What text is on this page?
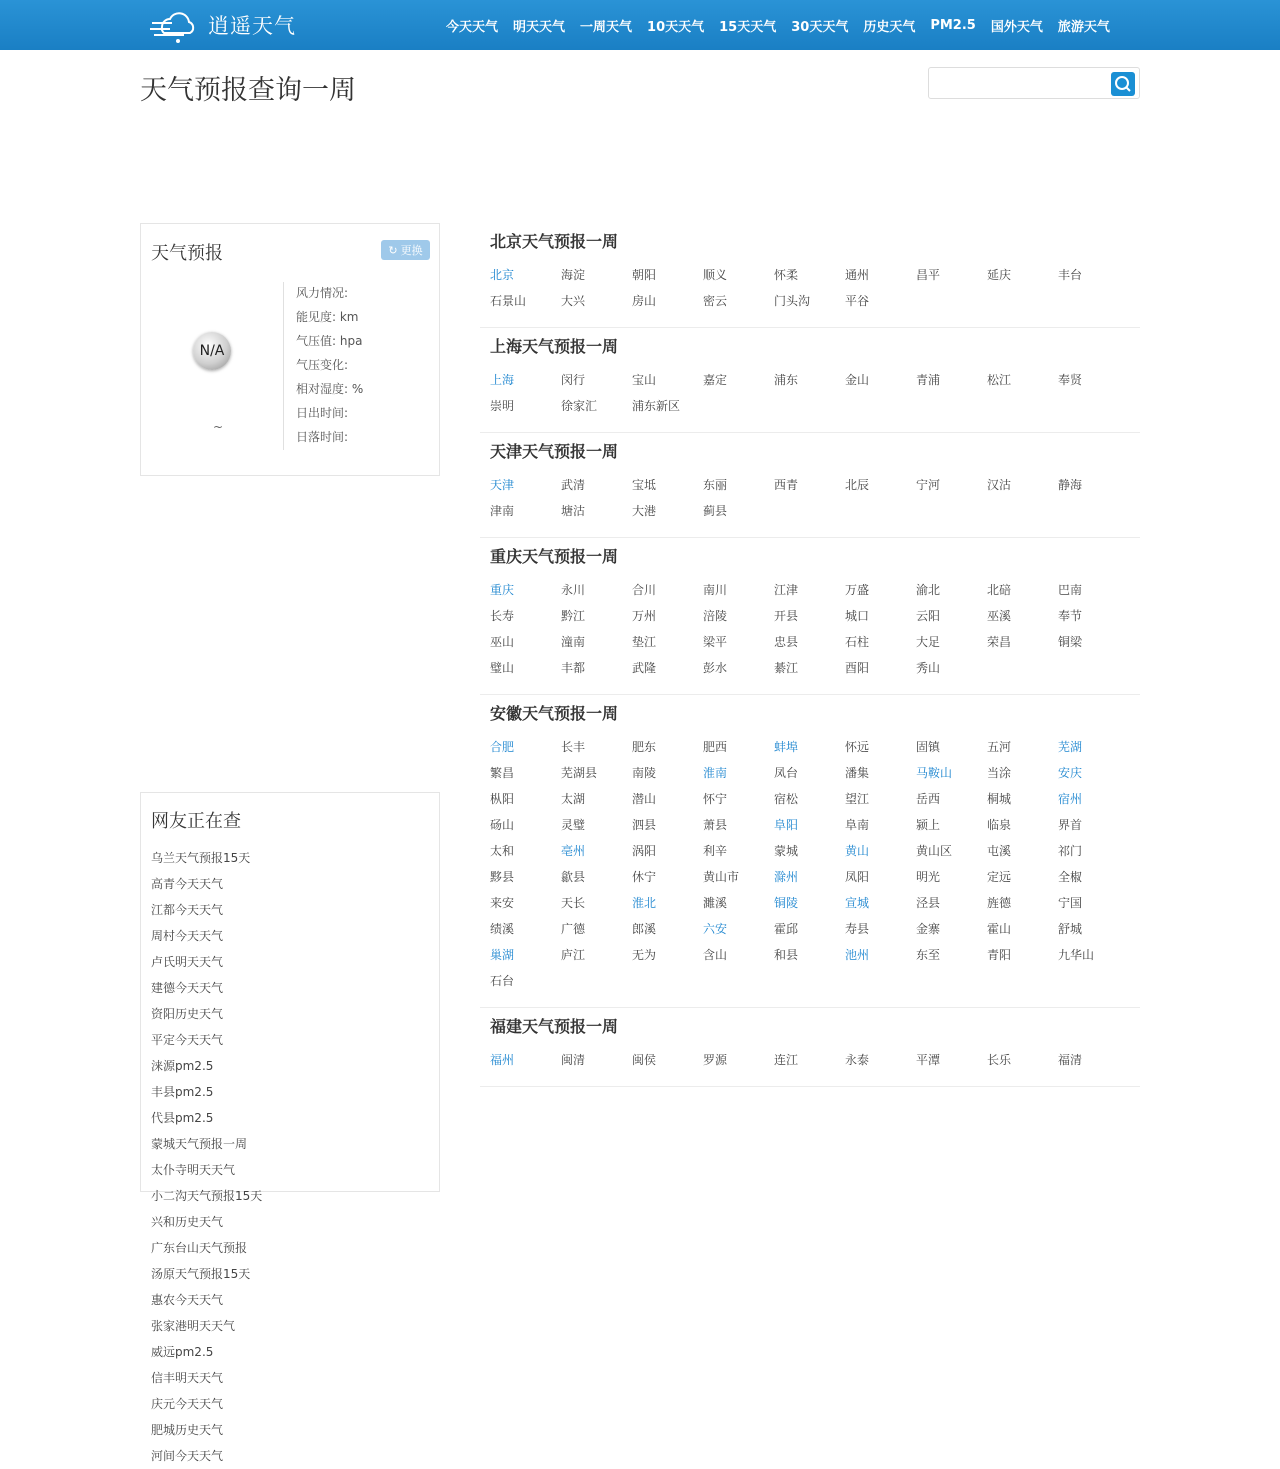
逍遥天气	今天天气 明天天气 一周天气 10天天气 15天天气 30天天气 历史天气 PM2.5 国外天气 旅游天气
天气预报查询一周
天气预报	↻ 更换
N/A
~
风力情况:
能见度: km
气压值: hpa
气压变化:
相对湿度: %
日出时间:
日落时间:
网友正在查
乌兰天气预报15天
高青今天天气
江都今天天气
周村今天天气
卢氏明天天气
建德今天天气
资阳历史天气
平定今天天气
涞源pm2.5
丰县pm2.5
代县pm2.5
蒙城天气预报一周
太仆寺明天天气
小二沟天气预报15天
兴和历史天气
广东台山天气预报
汤原天气预报15天
惠农今天天气
张家港明天天气
威远pm2.5
信丰明天天气
庆元今天天气
肥城历史天气
河间今天天气
北京天气预报一周
北京	海淀	朝阳	顺义	怀柔	通州	昌平	延庆	丰台
石景山	大兴	房山	密云	门头沟	平谷
上海天气预报一周
上海	闵行	宝山	嘉定	浦东	金山	青浦	松江	奉贤
崇明	徐家汇	浦东新区
天津天气预报一周
天津	武清	宝坻	东丽	西青	北辰	宁河	汉沽	静海
津南	塘沽	大港	蓟县
重庆天气预报一周
重庆	永川	合川	南川	江津	万盛	渝北	北碚	巴南
长寿	黔江	万州	涪陵	开县	城口	云阳	巫溪	奉节
巫山	潼南	垫江	梁平	忠县	石柱	大足	荣昌	铜梁
璧山	丰都	武隆	彭水	綦江	酉阳	秀山
安徽天气预报一周
合肥	长丰	肥东	肥西	蚌埠	怀远	固镇	五河	芜湖
繁昌	芜湖县	南陵	淮南	凤台	潘集	马鞍山	当涂	安庆
枞阳	太湖	潜山	怀宁	宿松	望江	岳西	桐城	宿州
砀山	灵璧	泗县	萧县	阜阳	阜南	颍上	临泉	界首
太和	亳州	涡阳	利辛	蒙城	黄山	黄山区	屯溪	祁门
黟县	歙县	休宁	黄山市	滁州	凤阳	明光	定远	全椒
来安	天长	淮北	濉溪	铜陵	宣城	泾县	旌德	宁国
绩溪	广德	郎溪	六安	霍邱	寿县	金寨	霍山	舒城
巢湖	庐江	无为	含山	和县	池州	东至	青阳	九华山
石台
福建天气预报一周
福州	闽清	闽侯	罗源	连江	永泰	平潭	长乐	福清
